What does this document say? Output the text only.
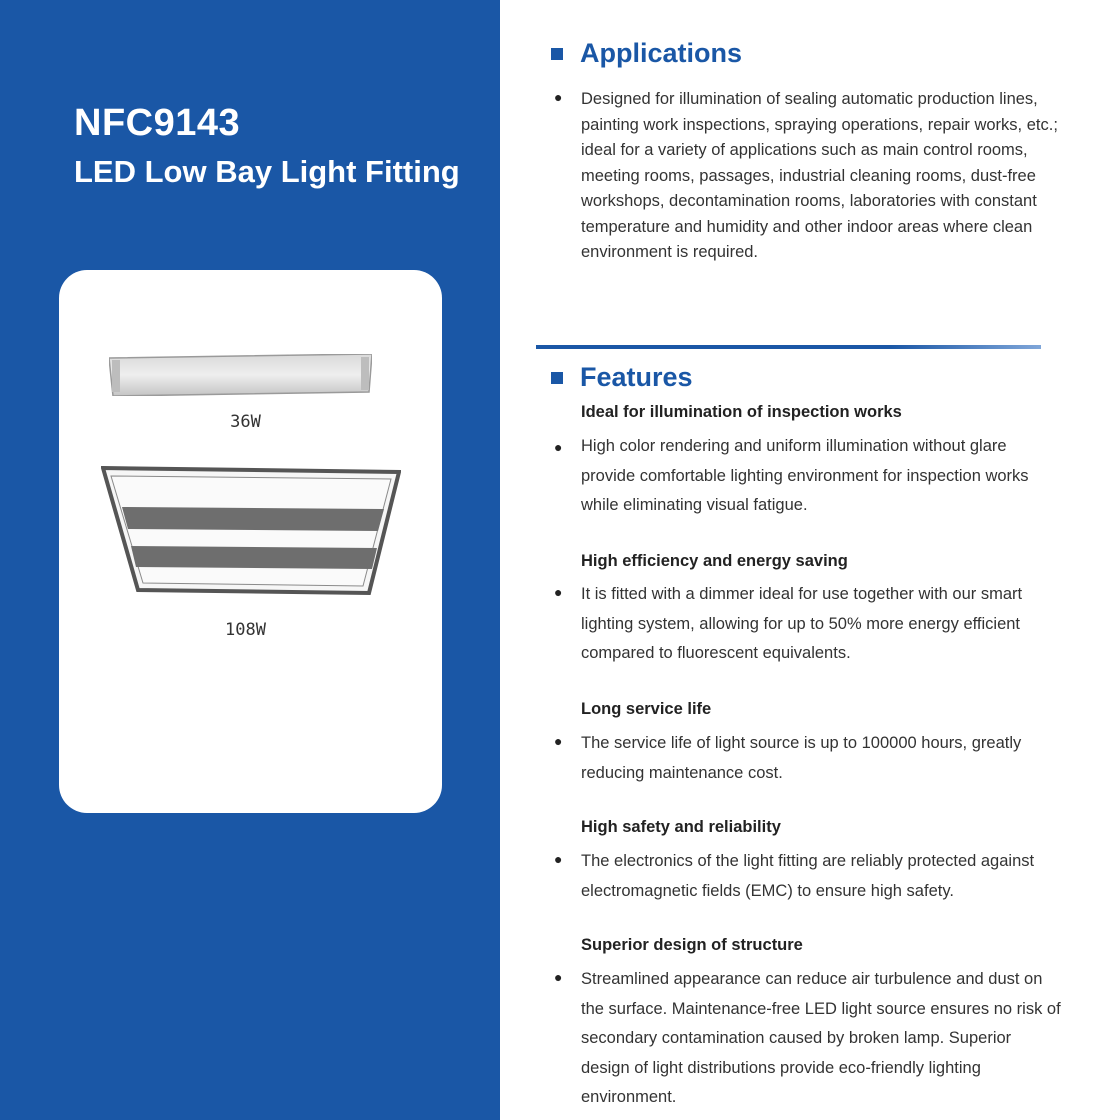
NFC9143
LED Low Bay Light Fitting
36W
108W
Applications
● Designed for illumination of sealing automatic production lines, painting work inspections, spraying operations, repair works, etc.; ideal for a variety of applications such as main control rooms, meeting rooms, passages, industrial cleaning rooms, dust-free workshops, decontamination rooms, laboratories with constant temperature and humidity and other indoor areas where clean environment is required.
Features
Ideal for illumination of inspection works
● High color rendering and uniform illumination without glare provide comfortable lighting environment for inspection works while eliminating visual fatigue.
High efficiency and energy saving
● It is fitted with a dimmer ideal for use together with our smart lighting system, allowing for up to 50% more energy efficient compared to fluorescent equivalents.
Long service life
● The service life of light source is up to 100000 hours, greatly reducing maintenance cost.
High safety and reliability
● The electronics of the light fitting are reliably protected against electromagnetic fields (EMC) to ensure high safety.
Superior design of structure
● Streamlined appearance can reduce air turbulence and dust on the surface. Maintenance-free LED light source ensures no risk of secondary contamination caused by broken lamp. Superior design of light distributions provide eco-friendly lighting environment.
